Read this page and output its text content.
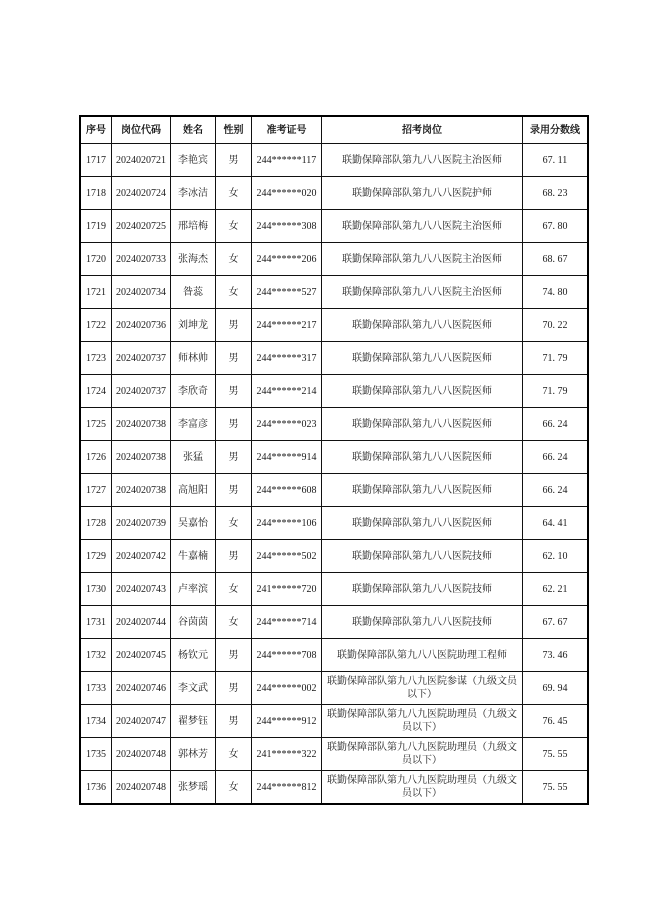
序号	岗位代码	姓名	性别	准考证号	招考岗位	录用分数线
1717	2024020721	李艳宾	男	244******117	联勤保障部队第九八八医院主治医师	67. 11
1718	2024020724	李冰洁	女	244******020	联勤保障部队第九八八医院护师	68. 23
1719	2024020725	邢培梅	女	244******308	联勤保障部队第九八八医院主治医师	67. 80
1720	2024020733	张海杰	女	244******206	联勤保障部队第九八八医院主治医师	68. 67
1721	2024020734	昝蕊	女	244******527	联勤保障部队第九八八医院主治医师	74. 80
1722	2024020736	刘坤龙	男	244******217	联勤保障部队第九八八医院医师	70. 22
1723	2024020737	师林帅	男	244******317	联勤保障部队第九八八医院医师	71. 79
1724	2024020737	李欣奇	男	244******214	联勤保障部队第九八八医院医师	71. 79
1725	2024020738	李富彦	男	244******023	联勤保障部队第九八八医院医师	66. 24
1726	2024020738	张猛	男	244******914	联勤保障部队第九八八医院医师	66. 24
1727	2024020738	高旭阳	男	244******608	联勤保障部队第九八八医院医师	66. 24
1728	2024020739	吴嘉怡	女	244******106	联勤保障部队第九八八医院医师	64. 41
1729	2024020742	牛嘉楠	男	244******502	联勤保障部队第九八八医院技师	62. 10
1730	2024020743	卢率滨	女	241******720	联勤保障部队第九八八医院技师	62. 21
1731	2024020744	谷茵茵	女	244******714	联勤保障部队第九八八医院技师	67. 67
1732	2024020745	杨钦元	男	244******708	联勤保障部队第九八八医院助理工程师	73. 46
1733	2024020746	李文武	男	244******002	联勤保障部队第九八九医院参谋（九级文员以下）	69. 94
1734	2024020747	翟梦钰	男	244******912	联勤保障部队第九八九医院助理员（九级文员以下）	76. 45
1735	2024020748	郭林芳	女	241******322	联勤保障部队第九八九医院助理员（九级文员以下）	75. 55
1736	2024020748	张梦瑶	女	244******812	联勤保障部队第九八九医院助理员（九级文员以下）	75. 55
